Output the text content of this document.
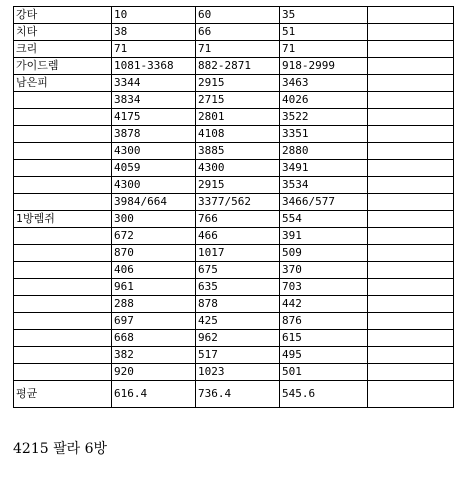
강타	10	60	35	
치타	38	66	51	
크리	71	71	71	
가이드렘	1081-3368	882-2871	918-2999	
남은피	3344	2915	3463	
	3834	2715	4026	
	4175	2801	3522	
	3878	4108	3351	
	4300	3885	2880	
	4059	4300	3491	
	4300	2915	3534	
	3984/664	3377/562	3466/577	
1방렘쥐	300	766	554	
	672	466	391	
	870	1017	509	
	406	675	370	
	961	635	703	
	288	878	442	
	697	425	876	
	668	962	615	
	382	517	495	
	920	1023	501	
평균	616.4	736.4	545.6	
4215 팔라 6방
